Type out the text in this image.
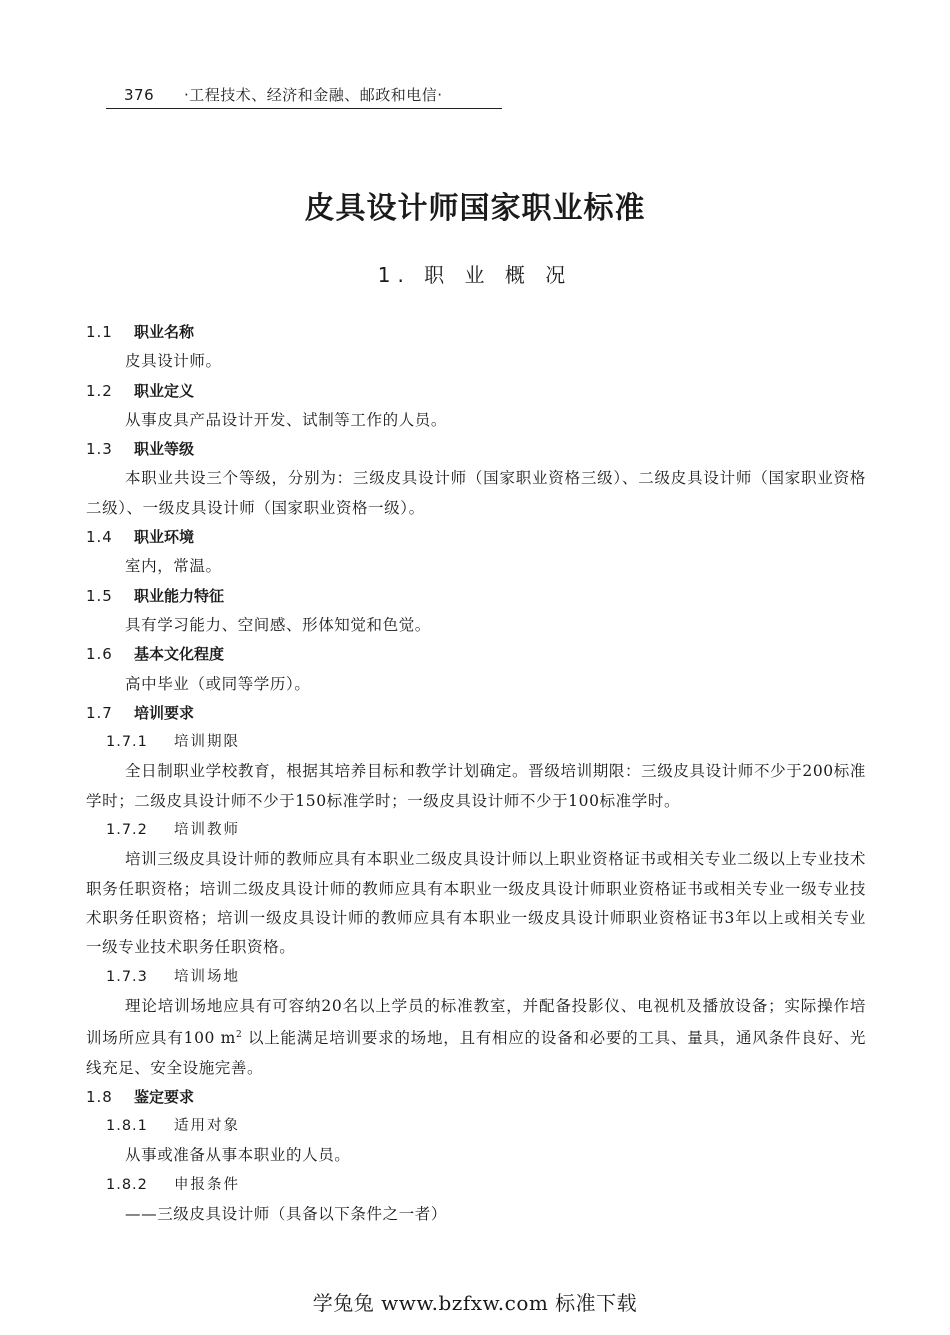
376 ·工程技术、经济和金融、邮政和电信·
皮具设计师国家职业标准
1. 职 业 概 况

1.1 职业名称

皮具设计师。

1.2 职业定义

从事皮具产品设计开发、试制等工作的人员。

1.3 职业等级

本职业共设三个等级，分别为：三级皮具设计师（国家职业资格三级）、二级皮具设计师（国家职业资格二级）、一级皮具设计师（国家职业资格一级）。

1.4 职业环境

室内，常温。

1.5 职业能力特征

具有学习能力、空间感、形体知觉和色觉。

1.6 基本文化程度

高中毕业（或同等学历）。

1.7 培训要求

1.7.1 培训期限

全日制职业学校教育，根据其培养目标和教学计划确定。晋级培训期限：三级皮具设计师不少于200标准学时；二级皮具设计师不少于150标准学时；一级皮具设计师不少于100标准学时。

1.7.2 培训教师

培训三级皮具设计师的教师应具有本职业二级皮具设计师以上职业资格证书或相关专业二级以上专业技术职务任职资格；培训二级皮具设计师的教师应具有本职业一级皮具设计师职业资格证书或相关专业一级专业技术职务任职资格；培训一级皮具设计师的教师应具有本职业一级皮具设计师职业资格证书3年以上或相关专业一级专业技术职务任职资格。

1.7.3 培训场地

理论培训场地应具有可容纳20名以上学员的标准教室，并配备投影仪、电视机及播放设备；实际操作培训场所应具有100 $m^2$ 以上能满足培训要求的场地，且有相应的设备和必要的工具、量具，通风条件良好、光线充足、安全设施完善。

1.8 鉴定要求

1.8.1 适用对象

从事或准备从事本职业的人员。

1.8.2 申报条件

——三级皮具设计师（具备以下条件之一者）

学兔兔 www.bzfxw.com 标准下载
